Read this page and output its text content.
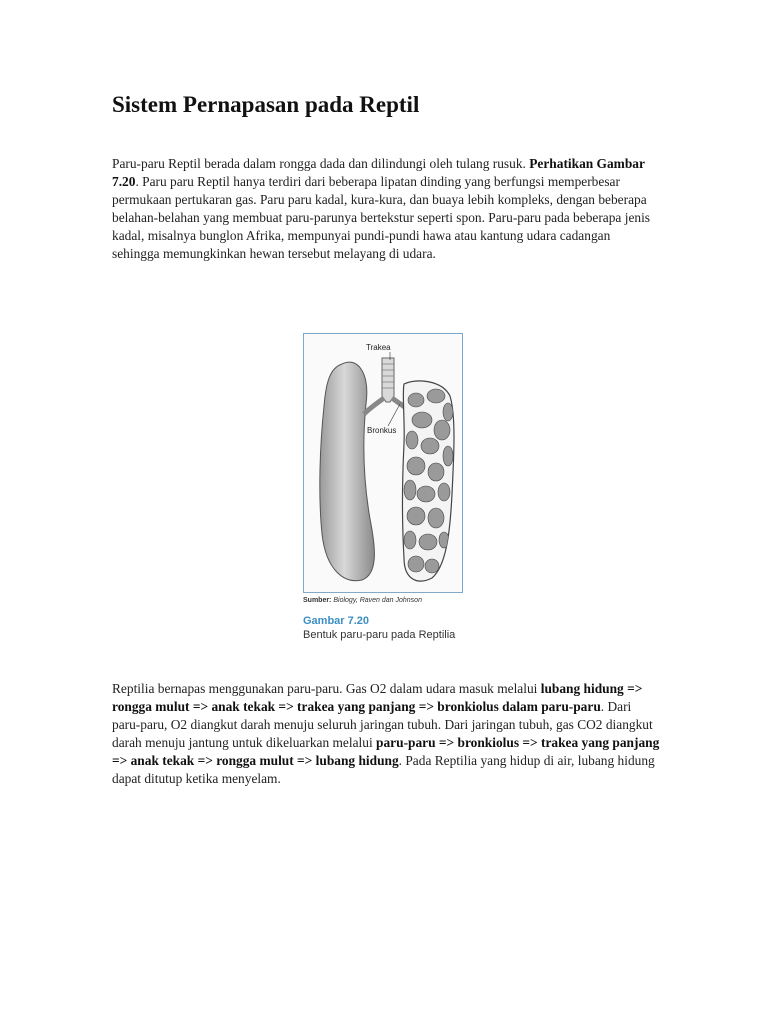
Sistem Pernapasan pada Reptil

Paru-paru Reptil berada dalam rongga dada dan dilindungi oleh tulang rusuk. Perhatikan Gambar 7.20. Paru paru Reptil hanya terdiri dari beberapa lipatan dinding yang berfungsi memperbesar permukaan pertukaran gas. Paru paru kadal, kura-kura, dan buaya lebih kompleks, dengan beberapa belahan-belahan yang membuat paru-parunya bertekstur seperti spon. Paru-paru pada beberapa jenis kadal, misalnya bunglon Afrika, mempunyai pundi-pundi hawa atau kantung udara cadangan sehingga memungkinkan hewan tersebut melayang di udara.

Trakea
Bronkus
Sumber: Biology, Raven dan Johnson
Gambar 7.20
Bentuk paru-paru pada Reptilia

Reptilia bernapas menggunakan paru-paru. Gas O2 dalam udara masuk melalui lubang hidung => rongga mulut => anak tekak => trakea yang panjang => bronkiolus dalam paru-paru. Dari paru-paru, O2 diangkut darah menuju seluruh jaringan tubuh. Dari jaringan tubuh, gas CO2 diangkut darah menuju jantung untuk dikeluarkan melalui paru-paru => bronkiolus => trakea yang panjang => anak tekak => rongga mulut => lubang hidung. Pada Reptilia yang hidup di air, lubang hidung dapat ditutup ketika menyelam.
